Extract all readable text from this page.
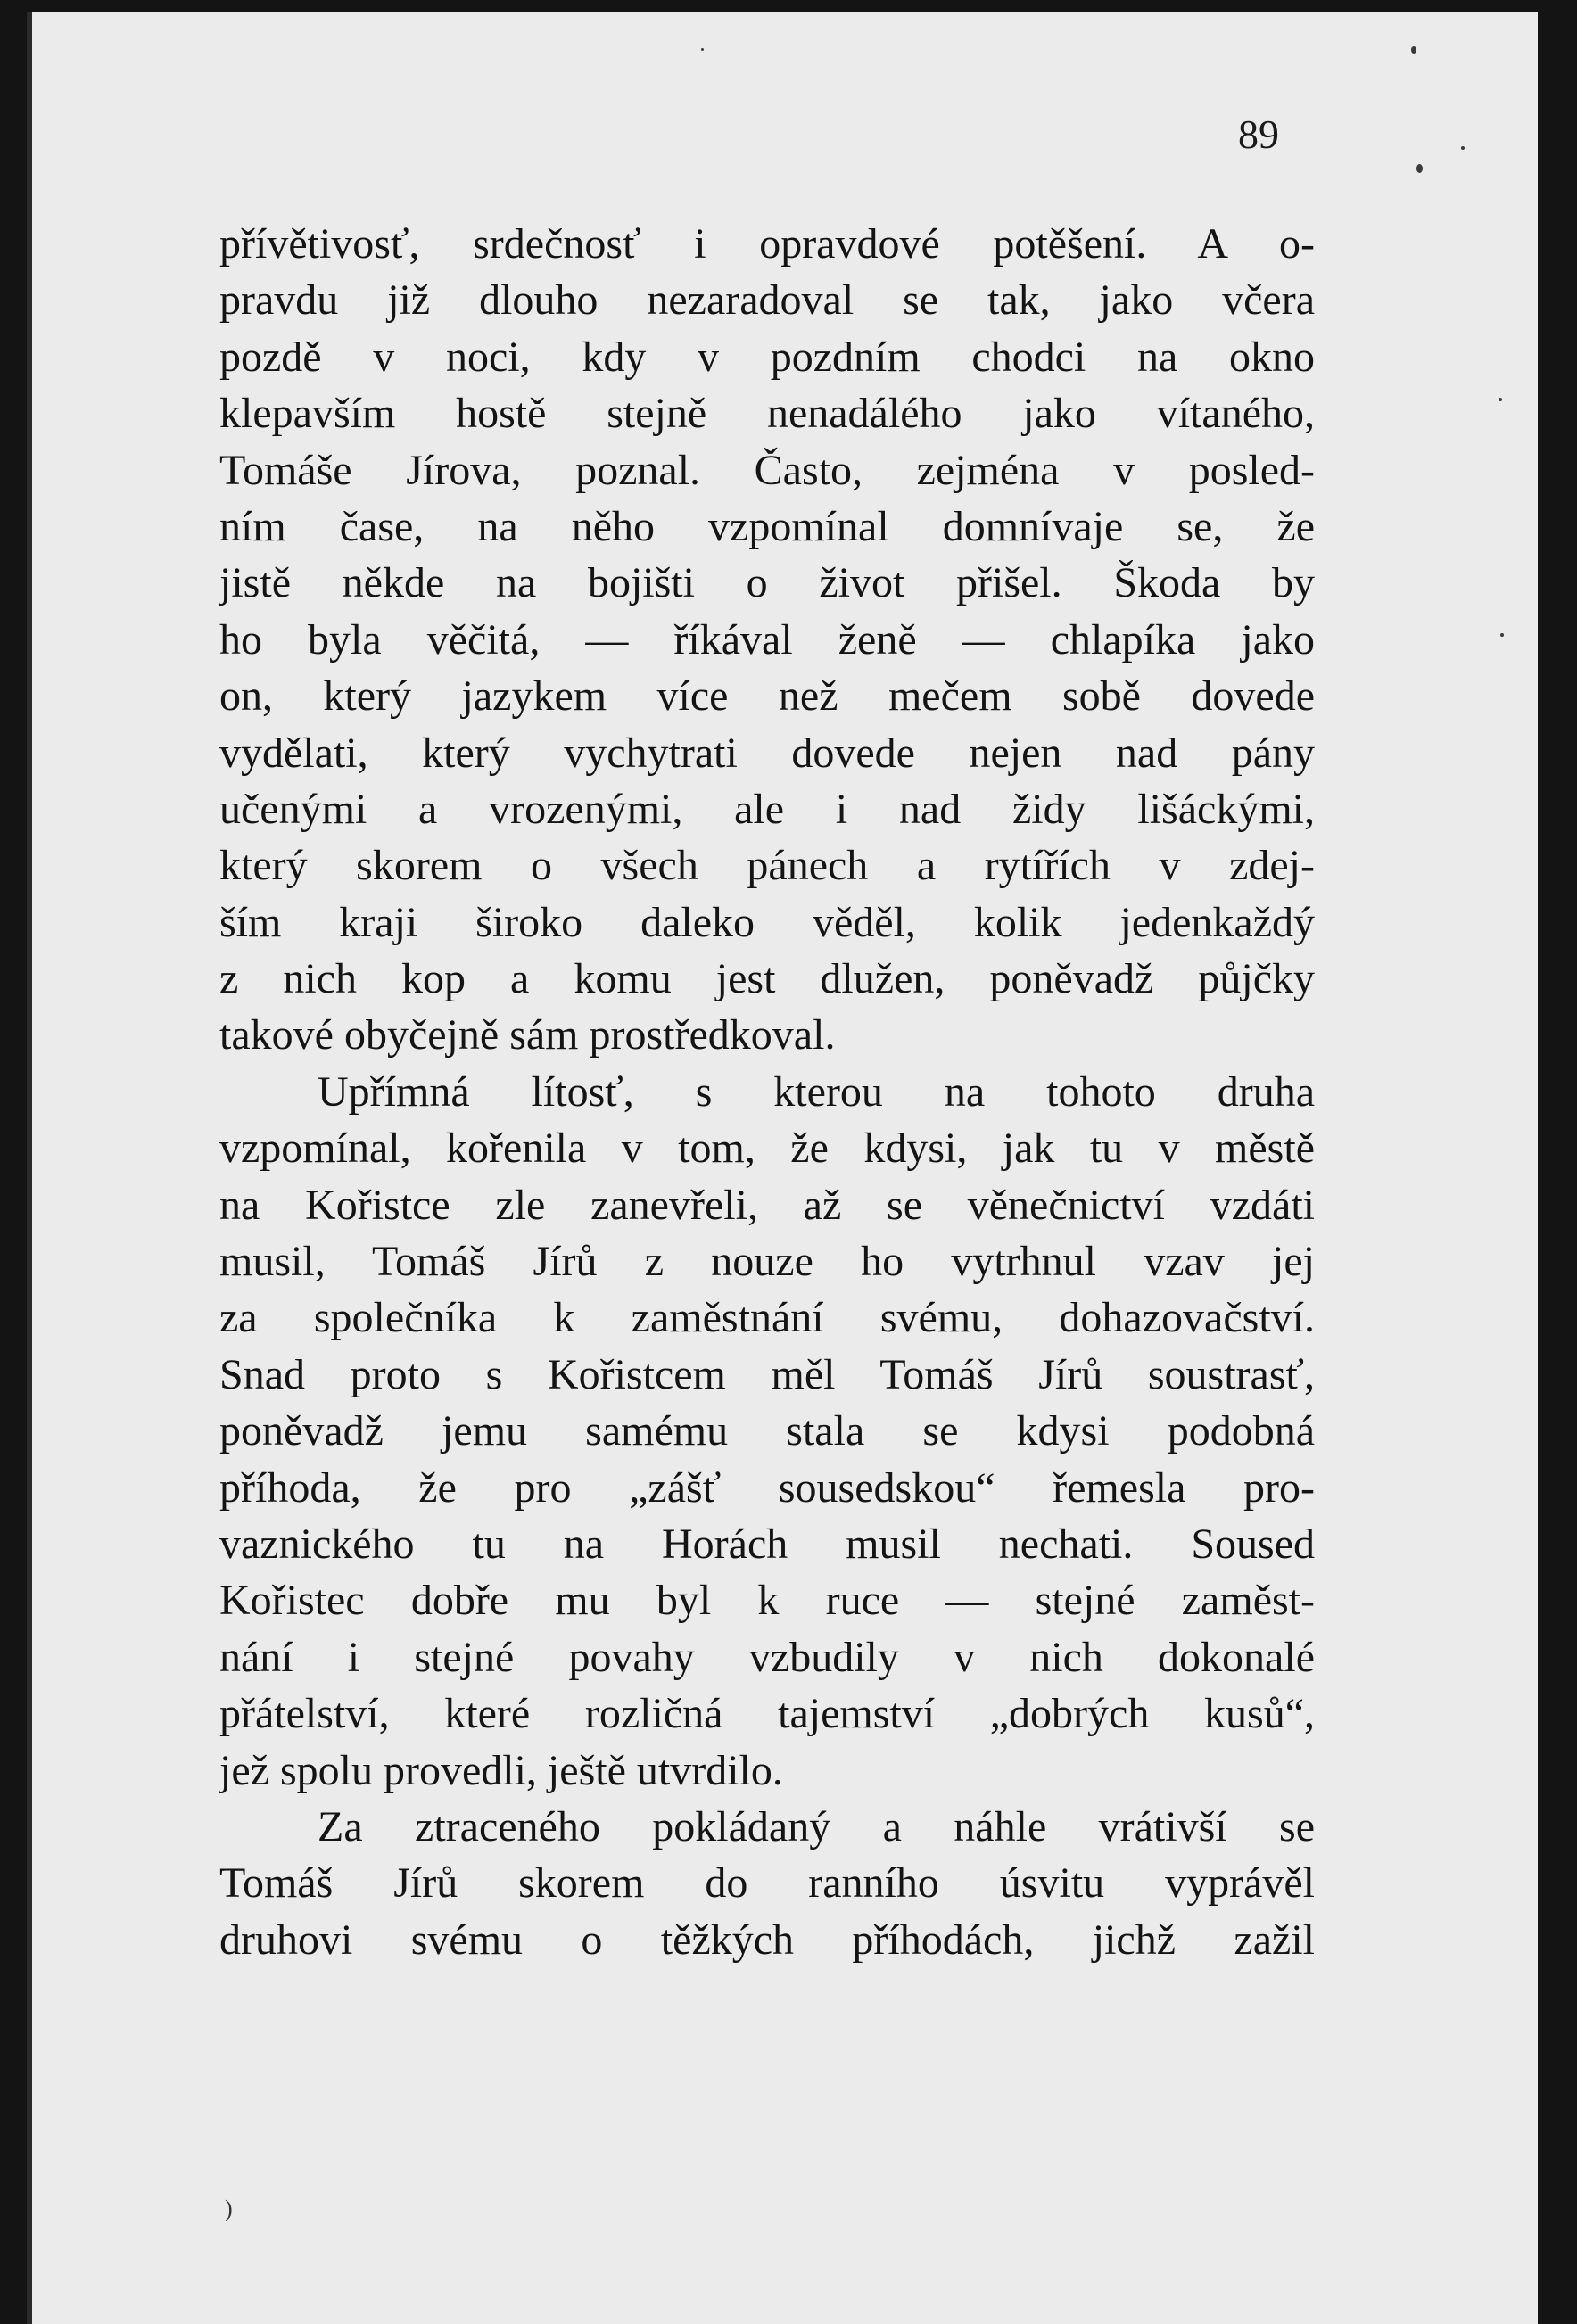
89
přívětivosť, srdečnosť i opravdové potěšení. A o-
pravdu již dlouho nezaradoval se tak, jako včera
pozdě v noci, kdy v pozdním chodci na okno
klepavším hostě stejně nenadálého jako vítaného,
Tomáše Jírova, poznal. Často, zejména v posled-
ním čase, na něho vzpomínal domnívaje se, že
jistě někde na bojišti o život přišel. Škoda by
ho byla věčitá, — říkával ženě — chlapíka jako
on, který jazykem více než mečem sobě dovede
vydělati, který vychytrati dovede nejen nad pány
učenými a vrozenými, ale i nad židy lišáckými,
který skorem o všech pánech a rytířích v zdej-
ším kraji široko daleko věděl, kolik jedenkaždý
z nich kop a komu jest dlužen, poněvadž půjčky
takové obyčejně sám prostředkoval.
Upřímná lítosť, s kterou na tohoto druha
vzpomínal, kořenila v tom, že kdysi, jak tu v městě
na Kořistce zle zanevřeli, až se věnečnictví vzdáti
musil, Tomáš Jírů z nouze ho vytrhnul vzav jej
za společníka k zaměstnání svému, dohazovačství.
Snad proto s Kořistcem měl Tomáš Jírů soustrasť,
poněvadž jemu samému stala se kdysi podobná
příhoda, že pro „zášť sousedskou“ řemesla pro-
vaznického tu na Horách musil nechati. Soused
Kořistec dobře mu byl k ruce — stejné zaměst-
nání i stejné povahy vzbudily v nich dokonalé
přátelství, které rozličná tajemství „dobrých kusů“,
jež spolu provedli, ještě utvrdilo.
Za ztraceného pokládaný a náhle vrátivší se
Tomáš Jírů skorem do ranního úsvitu vyprávěl
druhovi svému o těžkých příhodách, jichž zažil
)
